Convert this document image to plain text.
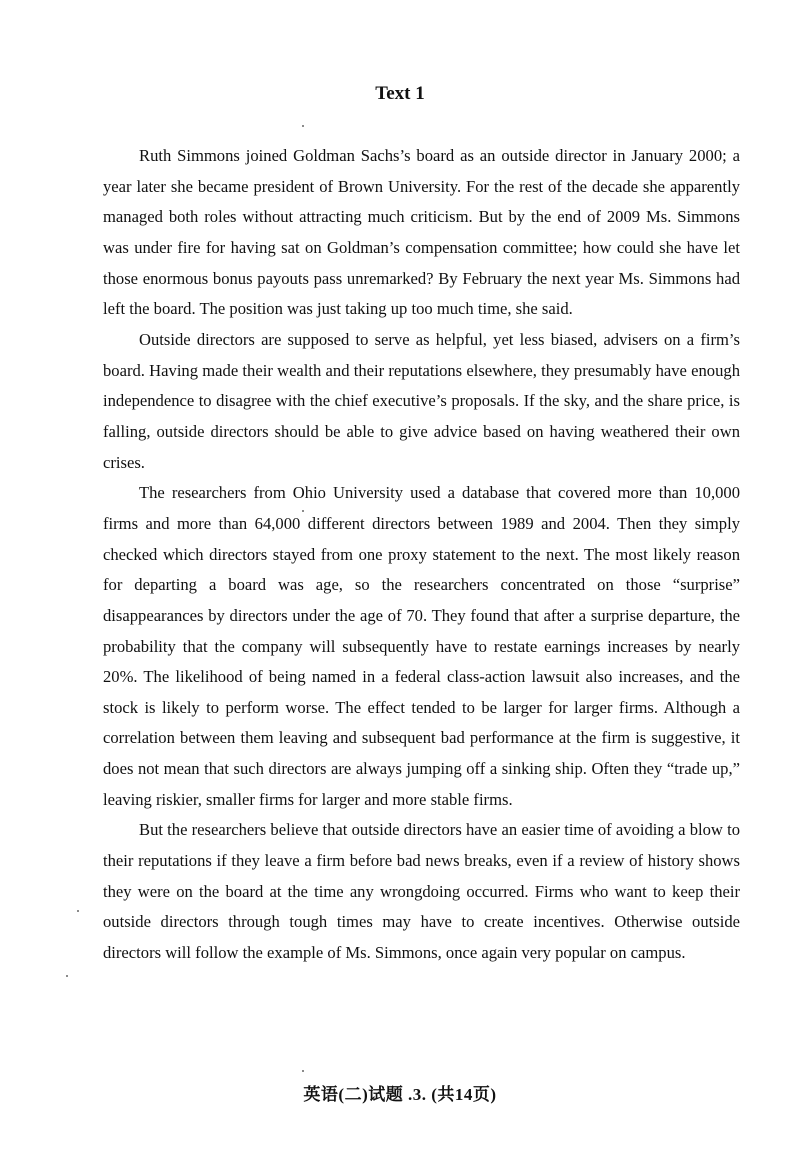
Text 1

Ruth Simmons joined Goldman Sachs’s board as an outside director in January 2000; a year later she became president of Brown University. For the rest of the decade she apparently managed both roles without attracting much criticism. But by the end of 2009 Ms. Simmons was under fire for having sat on Goldman’s compensation committee; how could she have let those enormous bonus payouts pass unremarked? By February the next year Ms. Simmons had left the board. The position was just taking up too much time, she said.

Outside directors are supposed to serve as helpful, yet less biased, advisers on a firm’s board. Having made their wealth and their reputations elsewhere, they presumably have enough independence to disagree with the chief executive’s proposals. If the sky, and the share price, is falling, outside directors should be able to give advice based on having weathered their own crises.

The researchers from Ohio University used a database that covered more than 10,000 firms and more than 64,000 different directors between 1989 and 2004. Then they simply checked which directors stayed from one proxy statement to the next. The most likely reason for departing a board was age, so the researchers concentrated on those “surprise” disappearances by directors under the age of 70. They found that after a surprise departure, the probability that the company will subsequently have to restate earnings increases by nearly 20%. The likelihood of being named in a federal class-action lawsuit also increases, and the stock is likely to perform worse. The effect tended to be larger for larger firms. Although a correlation between them leaving and subsequent bad performance at the firm is suggestive, it does not mean that such directors are always jumping off a sinking ship. Often they “trade up,” leaving riskier, smaller firms for larger and more stable firms.

But the researchers believe that outside directors have an easier time of avoiding a blow to their reputations if they leave a firm before bad news breaks, even if a review of history shows they were on the board at the time any wrongdoing occurred. Firms who want to keep their outside directors through tough times may have to create incentives. Otherwise outside directors will follow the example of Ms. Simmons, once again very popular on campus.

英语(二)试题 .3. (共14页)
